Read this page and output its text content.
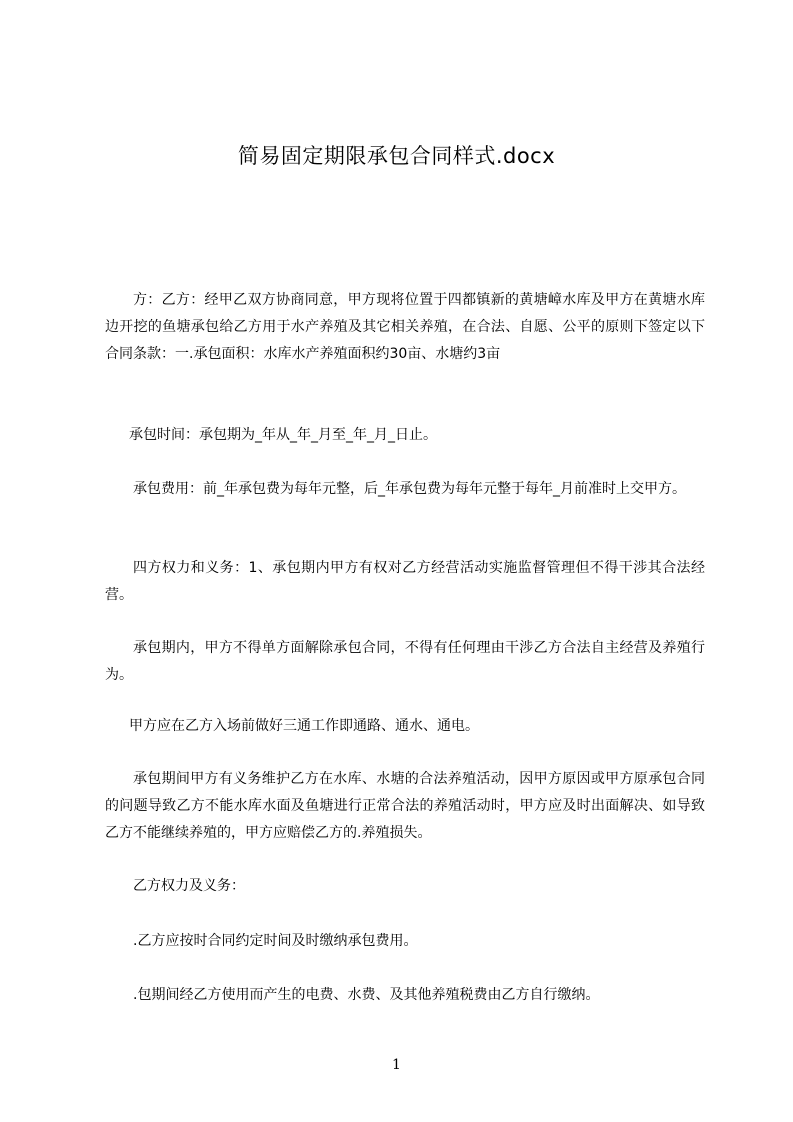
简易固定期限承包合同样式.docx

方：乙方：经甲乙双方协商同意，甲方现将位置于四都镇新的黄塘嶂水库及甲方在黄塘水库边开挖的鱼塘承包给乙方用于水产养殖及其它相关养殖，在合法、自愿、公平的原则下签定以下合同条款：一.承包面积：水库水产养殖面积约30亩、水塘约3亩

承包时间：承包期为_年从_年_月至_年_月_日止。

承包费用：前_年承包费为每年元整，后_年承包费为每年元整于每年_月前准时上交甲方。

四方权力和义务：1、承包期内甲方有权对乙方经营活动实施监督管理但不得干涉其合法经营。

承包期内，甲方不得单方面解除承包合同，不得有任何理由干涉乙方合法自主经营及养殖行为。

甲方应在乙方入场前做好三通工作即通路、通水、通电。

承包期间甲方有义务维护乙方在水库、水塘的合法养殖活动，因甲方原因或甲方原承包合同的问题导致乙方不能水库水面及鱼塘进行正常合法的养殖活动时，甲方应及时出面解决、如导致乙方不能继续养殖的，甲方应赔偿乙方的.养殖损失。

乙方权力及义务：

.乙方应按时合同约定时间及时缴纳承包费用。

.包期间经乙方使用而产生的电费、水费、及其他养殖税费由乙方自行缴纳。

1
